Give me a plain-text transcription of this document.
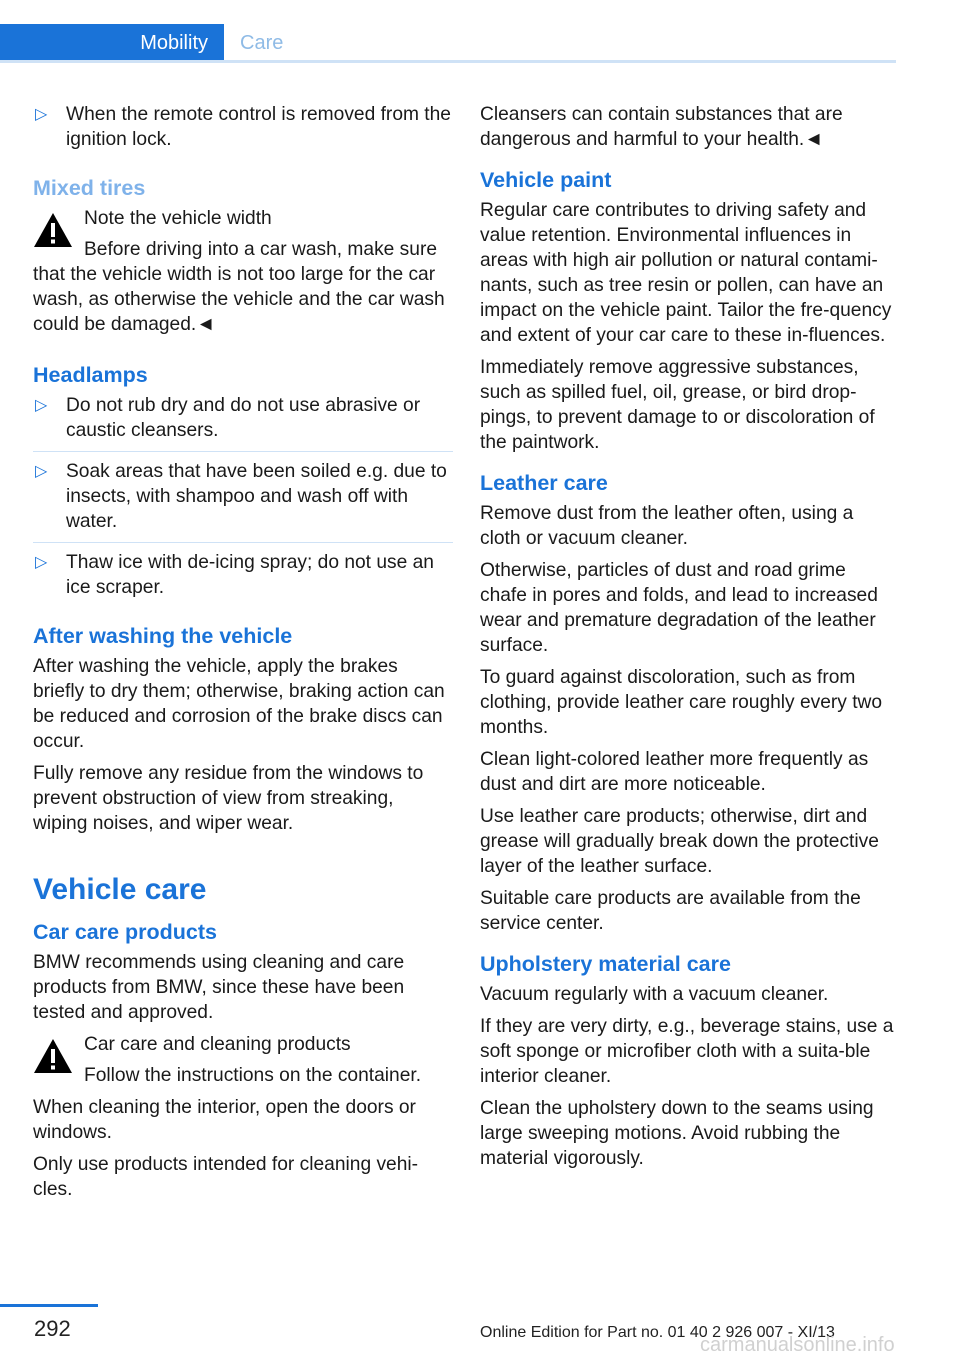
Mobility	Care
▷ When the remote control is removed from the ignition lock.
Mixed tires
Note the vehicle width
Before driving into a car wash, make sure that the vehicle width is not too large for the car wash, as otherwise the vehicle and the car wash could be damaged.◄
Headlamps
▷ Do not rub dry and do not use abrasive or caustic cleansers.
▷ Soak areas that have been soiled e.g. due to insects, with shampoo and wash off with water.
▷ Thaw ice with de-icing spray; do not use an ice scraper.
After washing the vehicle

After washing the vehicle, apply the brakes briefly to dry them; otherwise, braking action can be reduced and corrosion of the brake discs can occur.

Fully remove any residue from the windows to prevent obstruction of view from streaking, wiping noises, and wiper wear.

Vehicle care
Car care products

BMW recommends using cleaning and care products from BMW, since these have been tested and approved.

Car care and cleaning products
Follow the instructions on the container.

When cleaning the interior, open the doors or windows.

Only use products intended for cleaning vehi‐cles.

Cleansers can contain substances that are dangerous and harmful to your health.◄

Vehicle paint

Regular care contributes to driving safety and value retention. Environmental influences in areas with high air pollution or natural contami‐nants, such as tree resin or pollen, can have an impact on the vehicle paint. Tailor the fre‐quency and extent of your car care to these in‐fluences.

Immediately remove aggressive substances, such as spilled fuel, oil, grease, or bird drop‐pings, to prevent damage to or discoloration of the paintwork.

Leather care

Remove dust from the leather often, using a cloth or vacuum cleaner.

Otherwise, particles of dust and road grime chafe in pores and folds, and lead to increased wear and premature degradation of the leather surface.

To guard against discoloration, such as from clothing, provide leather care roughly every two months.

Clean light-colored leather more frequently as dust and dirt are more noticeable.

Use leather care products; otherwise, dirt and grease will gradually break down the protective layer of the leather surface.

Suitable care products are available from the service center.

Upholstery material care

Vacuum regularly with a vacuum cleaner.

If they are very dirty, e.g., beverage stains, use a soft sponge or microfiber cloth with a suita‐ble interior cleaner.

Clean the upholstery down to the seams using large sweeping motions. Avoid rubbing the material vigorously.

292	Online Edition for Part no. 01 40 2 926 007 - XI/13
carmanualsonline.info
